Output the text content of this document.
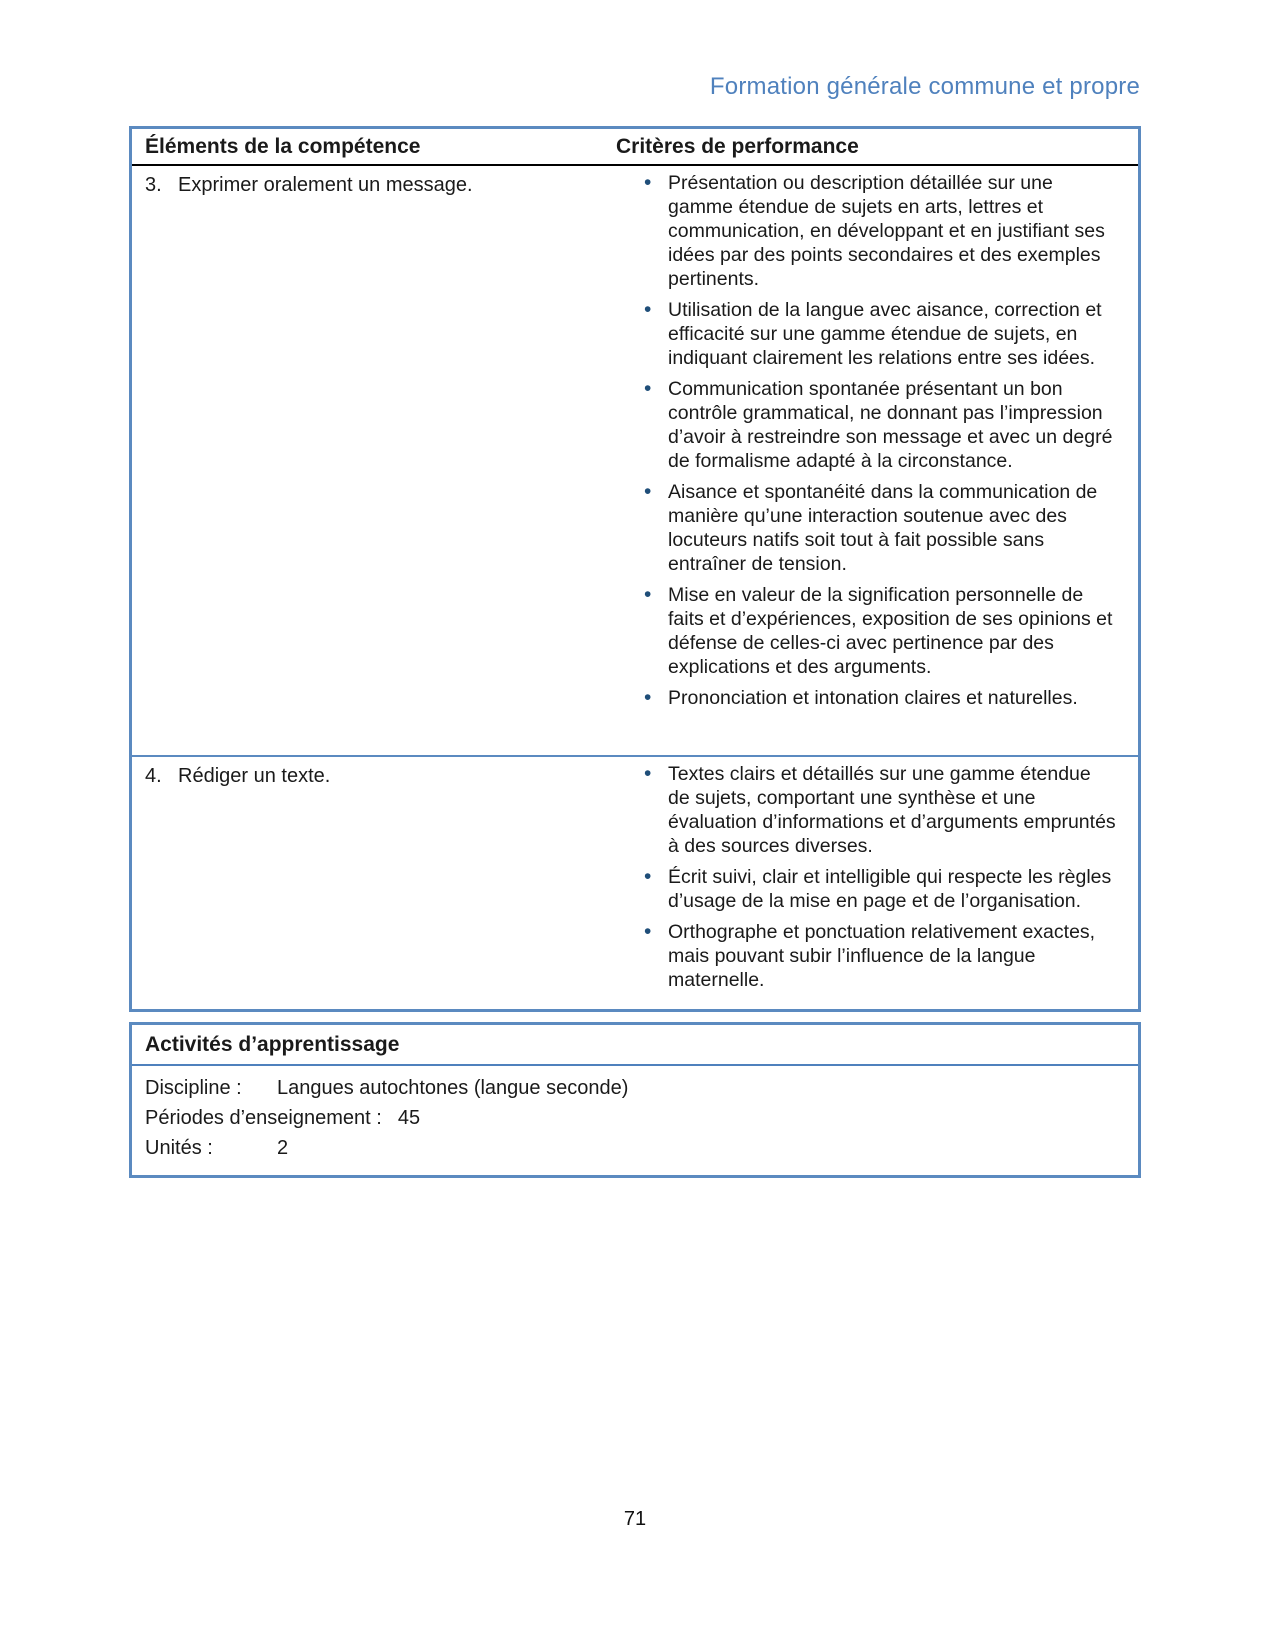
Formation générale commune et propre
Éléments de la compétence	Critères de performance
3. Exprimer oralement un message.	• Présentation ou description détaillée sur une gamme étendue de sujets en arts, lettres et communication, en développant et en justifiant ses idées par des points secondaires et des exemples pertinents.
• Utilisation de la langue avec aisance, correction et efficacité sur une gamme étendue de sujets, en indiquant clairement les relations entre ses idées.
• Communication spontanée présentant un bon contrôle grammatical, ne donnant pas l’impression d’avoir à restreindre son message et avec un degré de formalisme adapté à la circonstance.
• Aisance et spontanéité dans la communication de manière qu’une interaction soutenue avec des locuteurs natifs soit tout à fait possible sans entraîner de tension.
• Mise en valeur de la signification personnelle de faits et d’expériences, exposition de ses opinions et défense de celles-ci avec pertinence par des explications et des arguments.
• Prononciation et intonation claires et naturelles.
4. Rédiger un texte.	• Textes clairs et détaillés sur une gamme étendue de sujets, comportant une synthèse et une évaluation d’informations et d’arguments empruntés à des sources diverses.
• Écrit suivi, clair et intelligible qui respecte les règles d’usage de la mise en page et de l’organisation.
• Orthographe et ponctuation relativement exactes, mais pouvant subir l’influence de la langue maternelle.
Activités d’apprentissage
Discipline :	Langues autochtones (langue seconde)
Périodes d’enseignement : 45
Unités :	2
71
